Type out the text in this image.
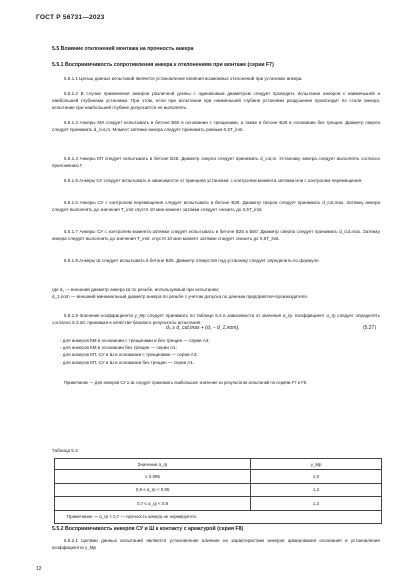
ГОСТ Р 56731—2023
5.5 Влияние отклонений монтажа на прочность анкера
5.5.1 Восприимчивость сопротивления анкера к отклонениям при монтаже (серии F7)
5.5.1.1 Целью данных испытаний является установление влияния возможных отклонений при установке анкера.
5.5.1.2 В случае применения анкеров различной длины с одинаковым диаметром следует проводить испытание анкеров с наименьшей и наибольшей глубинами установки. При этом, если при испытании при наименьшей глубине установки разрушение происходит по стали анкера, испытание при наибольшей глубине допускается не выполнять.
5.5.1.3 Анкеры КМ следует испытывать в бетоне В50 в основании с трещинами, а также в бетоне В25 в основании без трещин. Диаметр сверла следует принимать d_cut,m. Момент затяжки анкера следует принимать равным 0,5T_inst.
5.5.1.4 Анкеры КП следует испытывать в бетоне В25. Диаметр сверла следует принимать d_cut,m. Установку анкера следует выполнять согласно приложению Г.
5.5.1.5 Анкеры СУ следует испытывать в зависимости от принципа установки: с контролем момента затяжки или с контролем перемещения.
5.5.1.6 Анкеры СУ с контролем перемещения следует испытывать в бетоне В25. Диаметр сверла следует принимать d_cut,max. Затяжку анкера следует выполнять до значения T_inst спустя 10 мин момент затяжки следует снизить до 0,5T_inst.
5.5.1.7 Анкеры СУ с контролем момента затяжки следует испытывать в бетоне В25 в В60. Диаметр сверла следует принимать d_cut,max. Затяжку анкера следует выполнить до значения T_inst, спустя 10 мин момент затяжки следует снизить до 0,5T_inst.
5.5.1.8 Анкеры Ш следует испытывать в бетоне В25. Диаметр отверстия под установку следует определить по формуле
d₀ ≥ d_cut,max + (d₁ − d_1,nom),	(5.27)
где d₁ — внешний диаметр анкера Ш по резьбе, используемый при испытании;
d_1,nom — внешний минимальный диаметр анкера по резьбе с учетом допуска по данным предприятия-производителя.
5.5.1.9 Значение коэффициента γ_Mp следует принимать по таблице 5.3 в зависимости от значения α_rp. Коэффициент α_rp следует определять согласно 5.3.20, принимая в качестве базового результаты испытания:
- для анкеров КМ в основании с трещинами и без трещин — серии А4;
- для анкеров КМ в основании без трещин — серии А1;
- для анкеров КП, СУ и Ш в основании с трещинами — серии А3;
- для анкеров КП, СУ и Ш в основании без трещин — серии А1.
Примечание — Для анкеров СУ и Ш следует принимать наибольшее значение из результатов испытаний по сериям F7 и F8.
Таблица 5.3
Значение α_rp	γ_Mp
≥ 0,095	1,0
0,8 ≤ α_rp < 0,95	1,2
0,7 ≤ α_rp < 0,8	1,4
Примечание — α_rp < 0,7 — прочность анкера не нормируется.	
5.5.2 Восприимчивость анкеров СУ и Ш к контакту с арматурой (серия F8)
5.5.2.1 Целями данных испытаний являются установление влияния на характеристики анкеров армирования основания и установление коэффициента γ_Mp
12
